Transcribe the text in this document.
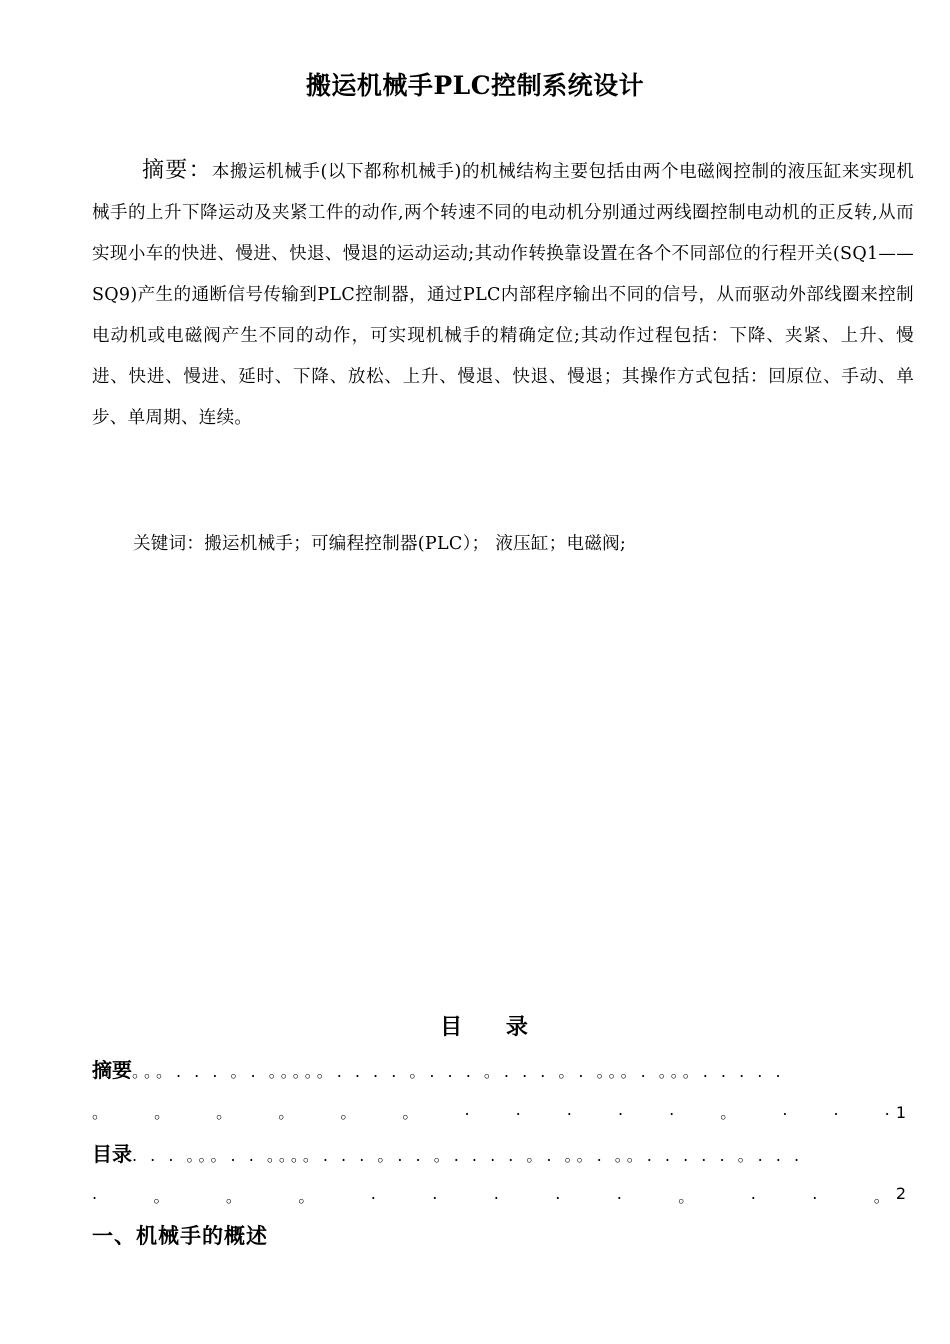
搬运机械手PLC控制系统设计
摘要：本搬运机械手(以下都称机械手)的机械结构主要包括由两个电磁阀控制的液压缸来实现机械手的上升下降运动及夹紧工件的动作,两个转速不同的电动机分别通过两线圈控制电动机的正反转,从而实现小车的快进、慢进、快退、慢退的运动运动;其动作转换靠设置在各个不同部位的行程开关(SQ1——SQ9)产生的通断信号传输到PLC控制器，通过PLC内部程序输出不同的信号，从而驱动外部线圈来控制电动机或电磁阀产生不同的动作，可实现机械手的精确定位;其动作过程包括：下降、夹紧、上升、慢进、快进、慢进、延时、下降、放松、上升、慢退、快退、慢退；其操作方式包括：回原位、手动、单步、单周期、连续。
关键词：搬运机械手；可编程控制器(PLC）； 液压缸；电磁阀;
目 录
摘要 。。。. . . 。. 。。。。。. . . . 。. . . 。. . . 。. 。。。. 。。。. . . . .
。	。	。	。	。	。	.	.	.	.	.	。	.	.	. 1
目录 . . . 。。。. . 。。。。. . . 。. . 。. . . . 。. 。。. 。。. . . . . 。. . .
.	。	。	。	.	.	.	.	.	。	.	.	。 2
一、机械手的概述
